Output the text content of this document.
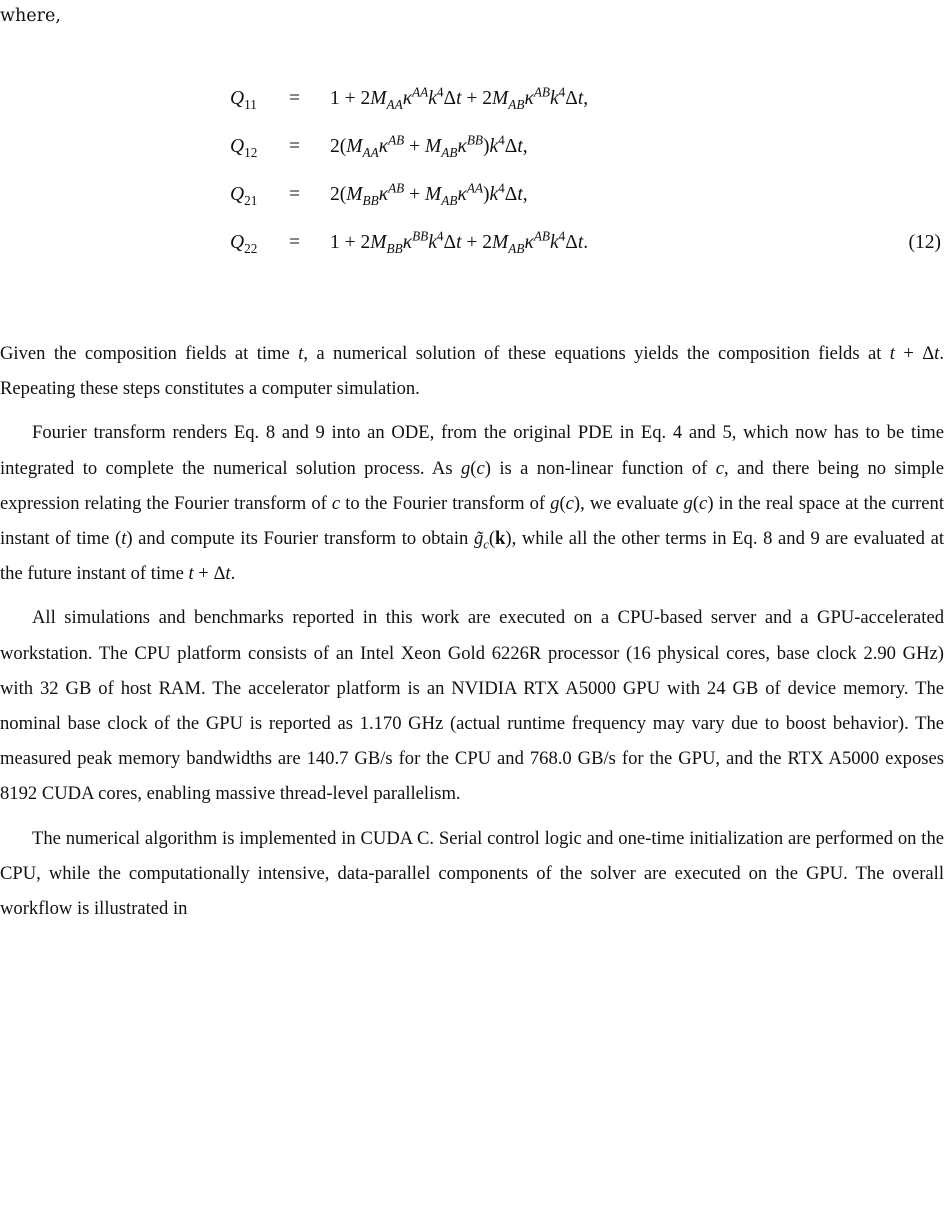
where,
$Q_{11} = 1 + 2M_{AA}\kappa^{AA}k^4\Delta t + 2M_{AB}\kappa^{AB}k^4\Delta t$,
$Q_{12} = 2(M_{AA}\kappa^{AB} + M_{AB}\kappa^{BB})k^4\Delta t$,
$Q_{21} = 2(M_{BB}\kappa^{AB} + M_{AB}\kappa^{AA})k^4\Delta t$,
$Q_{22} = 1 + 2M_{BB}\kappa^{BB}k^4\Delta t + 2M_{AB}\kappa^{AB}k^4\Delta t$.	(12)

Given the composition fields at time t, a numerical solution of these equations yields the composition fields at t + Δt. Repeating these steps constitutes a computer simulation.

Fourier transform renders Eq. 8 and 9 into an ODE, from the original PDE in Eq. 4 and 5, which now has to be time integrated to complete the numerical solution process. As g(c) is a non-linear function of c, and there being no simple expression relating the Fourier transform of c to the Fourier transform of g(c), we evaluate g(c) in the real space at the current instant of time (t) and compute its Fourier transform to obtain $g̃_c(k)$, while all the other terms in Eq. 8 and 9 are evaluated at the future instant of time t + Δt.

All simulations and benchmarks reported in this work are executed on a CPU-based server and a GPU-accelerated workstation. The CPU platform consists of an Intel Xeon Gold 6226R processor (16 physical cores, base clock 2.90 GHz) with 32 GB of host RAM. The accelerator platform is an NVIDIA RTX A5000 GPU with 24 GB of device memory. The nominal base clock of the GPU is reported as 1.170 GHz (actual runtime frequency may vary due to boost behavior). The measured peak memory bandwidths are 140.7 GB/s for the CPU and 768.0 GB/s for the GPU, and the RTX A5000 exposes 8192 CUDA cores, enabling massive thread-level parallelism.

The numerical algorithm is implemented in CUDA C. Serial control logic and one-time initialization are performed on the CPU, while the computationally intensive, data-parallel components of the solver are executed on the GPU. The overall workflow is illustrated in
